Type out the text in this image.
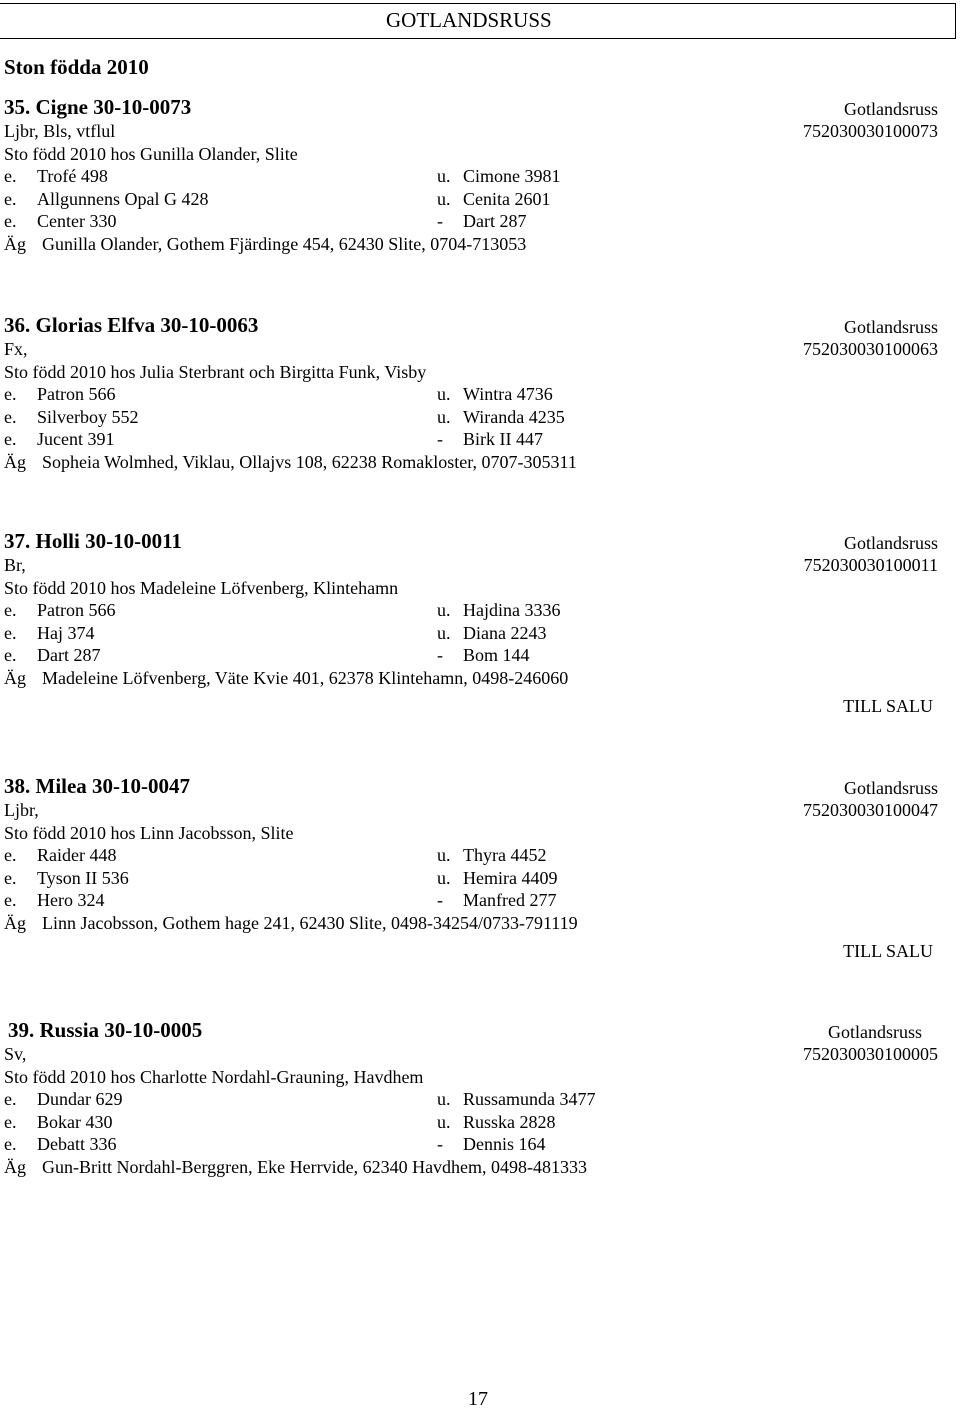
GOTLANDSRUSS
Ston födda 2010
35. Cigne 30-10-0073	Gotlandsruss
Ljbr, Bls, vtflul	752030030100073
Sto född 2010 hos Gunilla Olander, Slite
e. Trofé 498	u. Cimone 3981
e. Allgunnens Opal G 428	u. Cenita 2601
e. Center 330	- Dart 287
Äg Gunilla Olander, Gothem Fjärdinge 454, 62430 Slite, 0704-713053
36. Glorias Elfva 30-10-0063	Gotlandsruss
Fx,	752030030100063
Sto född 2010 hos Julia Sterbrant och Birgitta Funk, Visby
e. Patron 566	u. Wintra 4736
e. Silverboy 552	u. Wiranda 4235
e. Jucent 391	- Birk II 447
Äg Sopheia Wolmhed, Viklau, Ollajvs 108, 62238 Romakloster, 0707-305311
37. Holli 30-10-0011	Gotlandsruss
Br,	752030030100011
Sto född 2010 hos Madeleine Löfvenberg, Klintehamn
e. Patron 566	u. Hajdina 3336
e. Haj 374	u. Diana 2243
e. Dart 287	- Bom 144
Äg Madeleine Löfvenberg, Väte Kvie 401, 62378 Klintehamn, 0498-246060
TILL SALU
38. Milea 30-10-0047	Gotlandsruss
Ljbr,	752030030100047
Sto född 2010 hos Linn Jacobsson, Slite
e. Raider 448	u. Thyra 4452
e. Tyson II 536	u. Hemira 4409
e. Hero 324	- Manfred 277
Äg Linn Jacobsson, Gothem hage 241, 62430 Slite, 0498-34254/0733-791119
TILL SALU
39. Russia 30-10-0005	Gotlandsruss
Sv,	752030030100005
Sto född 2010 hos Charlotte Nordahl-Grauning, Havdhem
e. Dundar 629	u. Russamunda 3477
e. Bokar 430	u. Russka 2828
e. Debatt 336	- Dennis 164
Äg Gun-Britt Nordahl-Berggren, Eke Herrvide, 62340 Havdhem, 0498-481333
17
